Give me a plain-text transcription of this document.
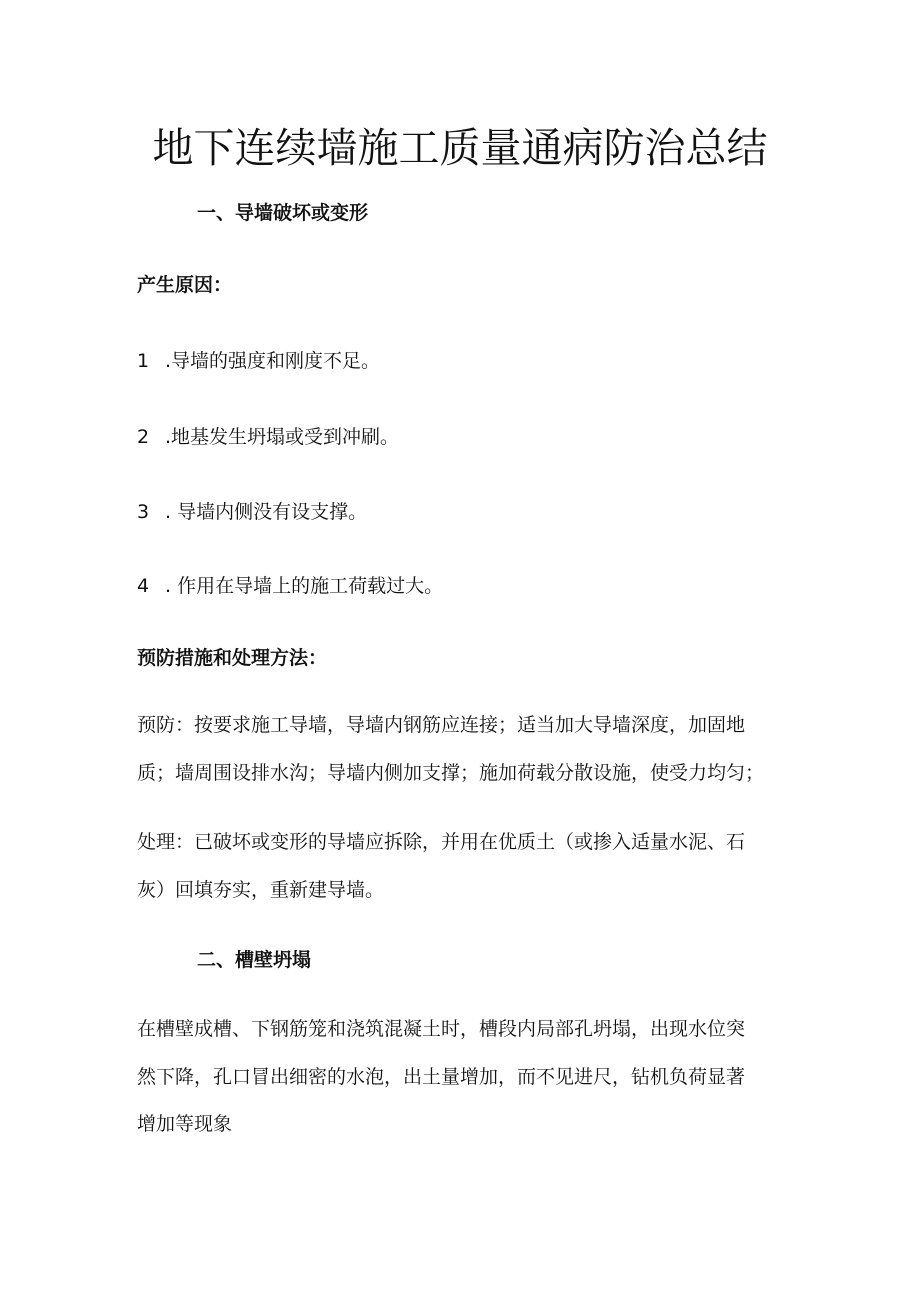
地下连续墙施工质量通病防治总结
一、导墙破坏或变形
产生原因：
1 .导墙的强度和刚度不足。
2 .地基发生坍塌或受到冲刷。
3 . 导墙内侧没有设支撑。
4 . 作用在导墙上的施工荷载过大。
预防措施和处理方法：
预防：按要求施工导墙，导墙内钢筋应连接；适当加大导墙深度，加固地
质；墙周围设排水沟；导墙内侧加支撑；施加荷载分散设施，使受力均匀；
处理：已破坏或变形的导墙应拆除，并用在优质土（或掺入适量水泥、石
灰）回填夯实，重新建导墙。
二、槽壁坍塌
在槽壁成槽、下钢筋笼和浇筑混凝土时，槽段内局部孔坍塌，出现水位突
然下降，孔口冒出细密的水泡，出土量增加，而不见进尺，钻机负荷显著
增加等现象
